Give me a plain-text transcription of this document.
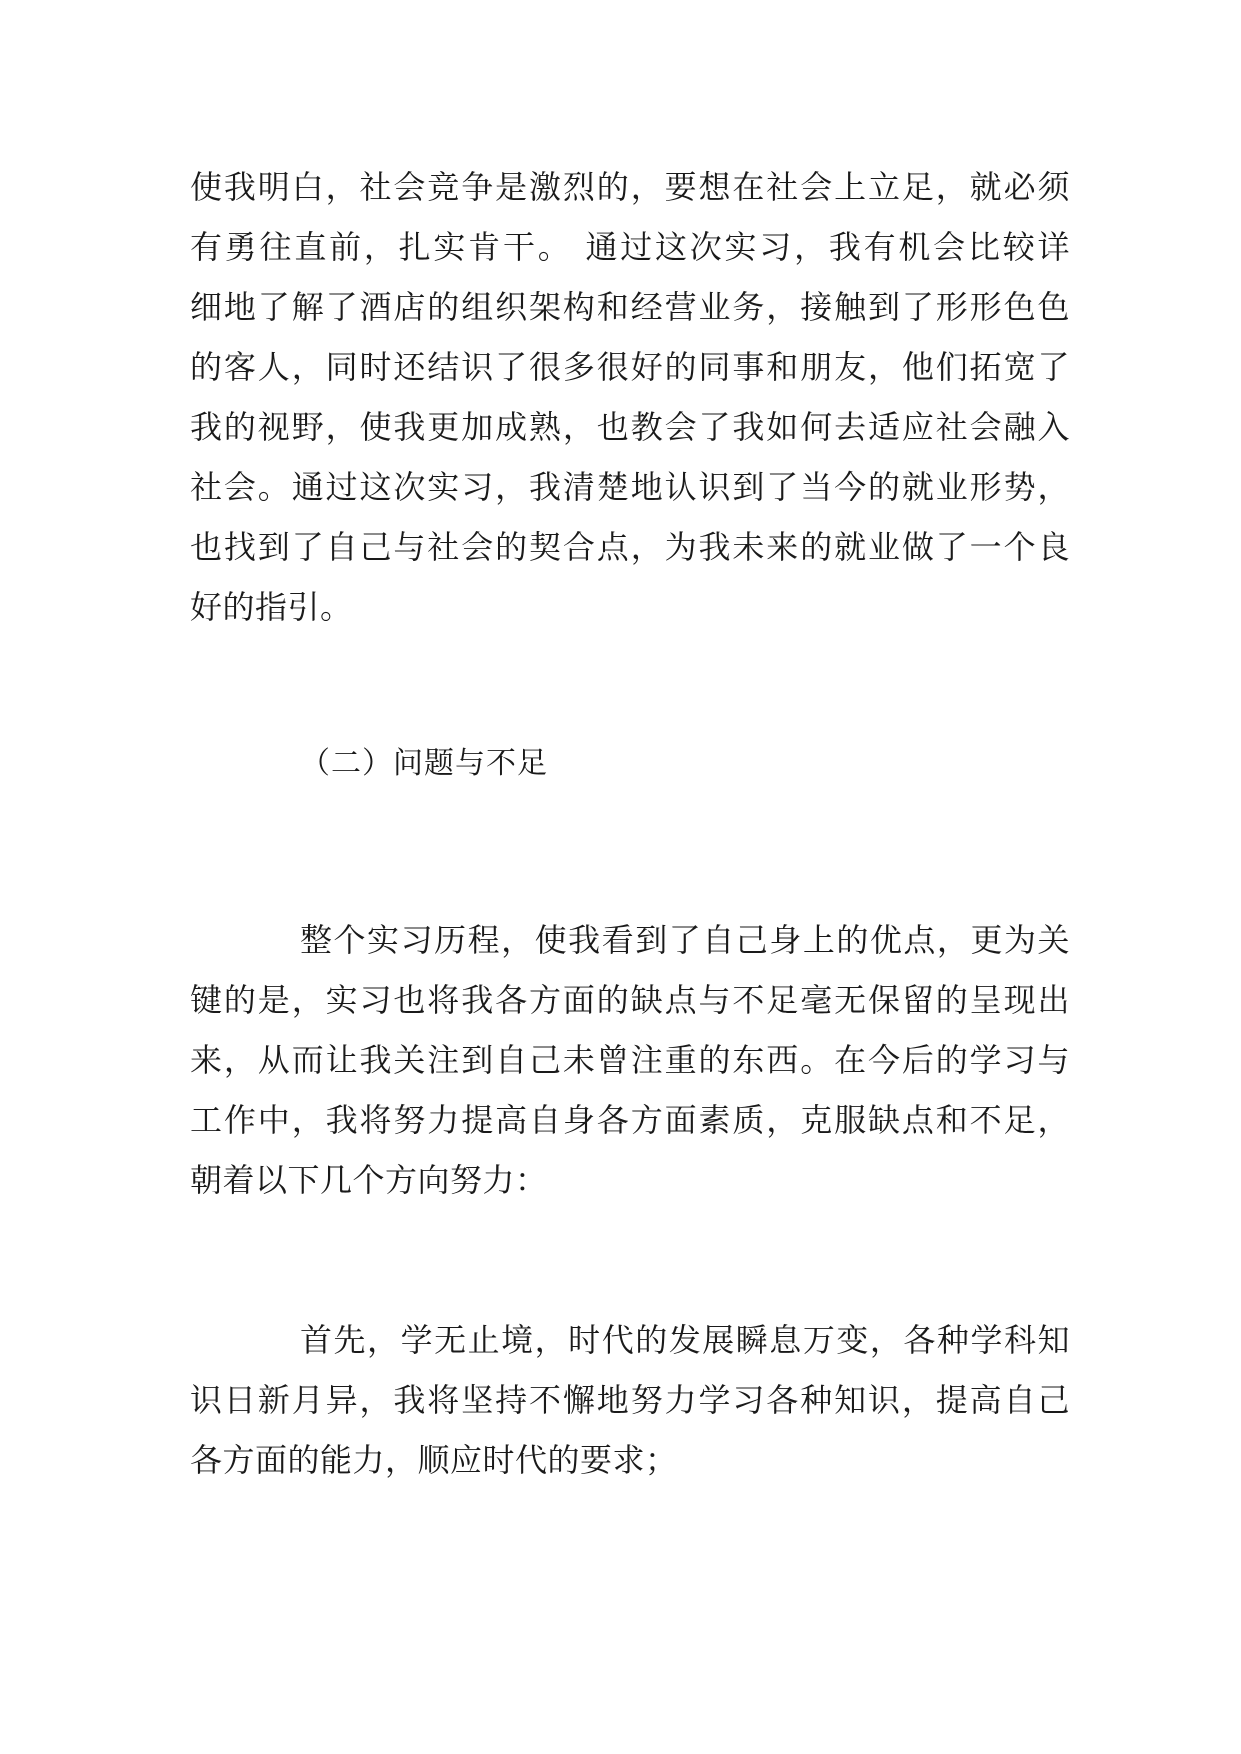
使我明白，社会竞争是激烈的，要想在社会上立足，就必须
有勇往直前，扎实肯干。 通过这次实习，我有机会比较详
细地了解了酒店的组织架构和经营业务，接触到了形形色色
的客人，同时还结识了很多很好的同事和朋友，他们拓宽了
我的视野，使我更加成熟，也教会了我如何去适应社会融入
社会。通过这次实习，我清楚地认识到了当今的就业形势，
也找到了自己与社会的契合点，为我未来的就业做了一个良
好的指引。
（二）问题与不足
整个实习历程，使我看到了自己身上的优点，更为关
键的是，实习也将我各方面的缺点与不足毫无保留的呈现出
来，从而让我关注到自己未曾注重的东西。在今后的学习与
工作中，我将努力提高自身各方面素质，克服缺点和不足，
朝着以下几个方向努力：
首先，学无止境，时代的发展瞬息万变，各种学科知
识日新月异，我将坚持不懈地努力学习各种知识，提高自己
各方面的能力，顺应时代的要求；
